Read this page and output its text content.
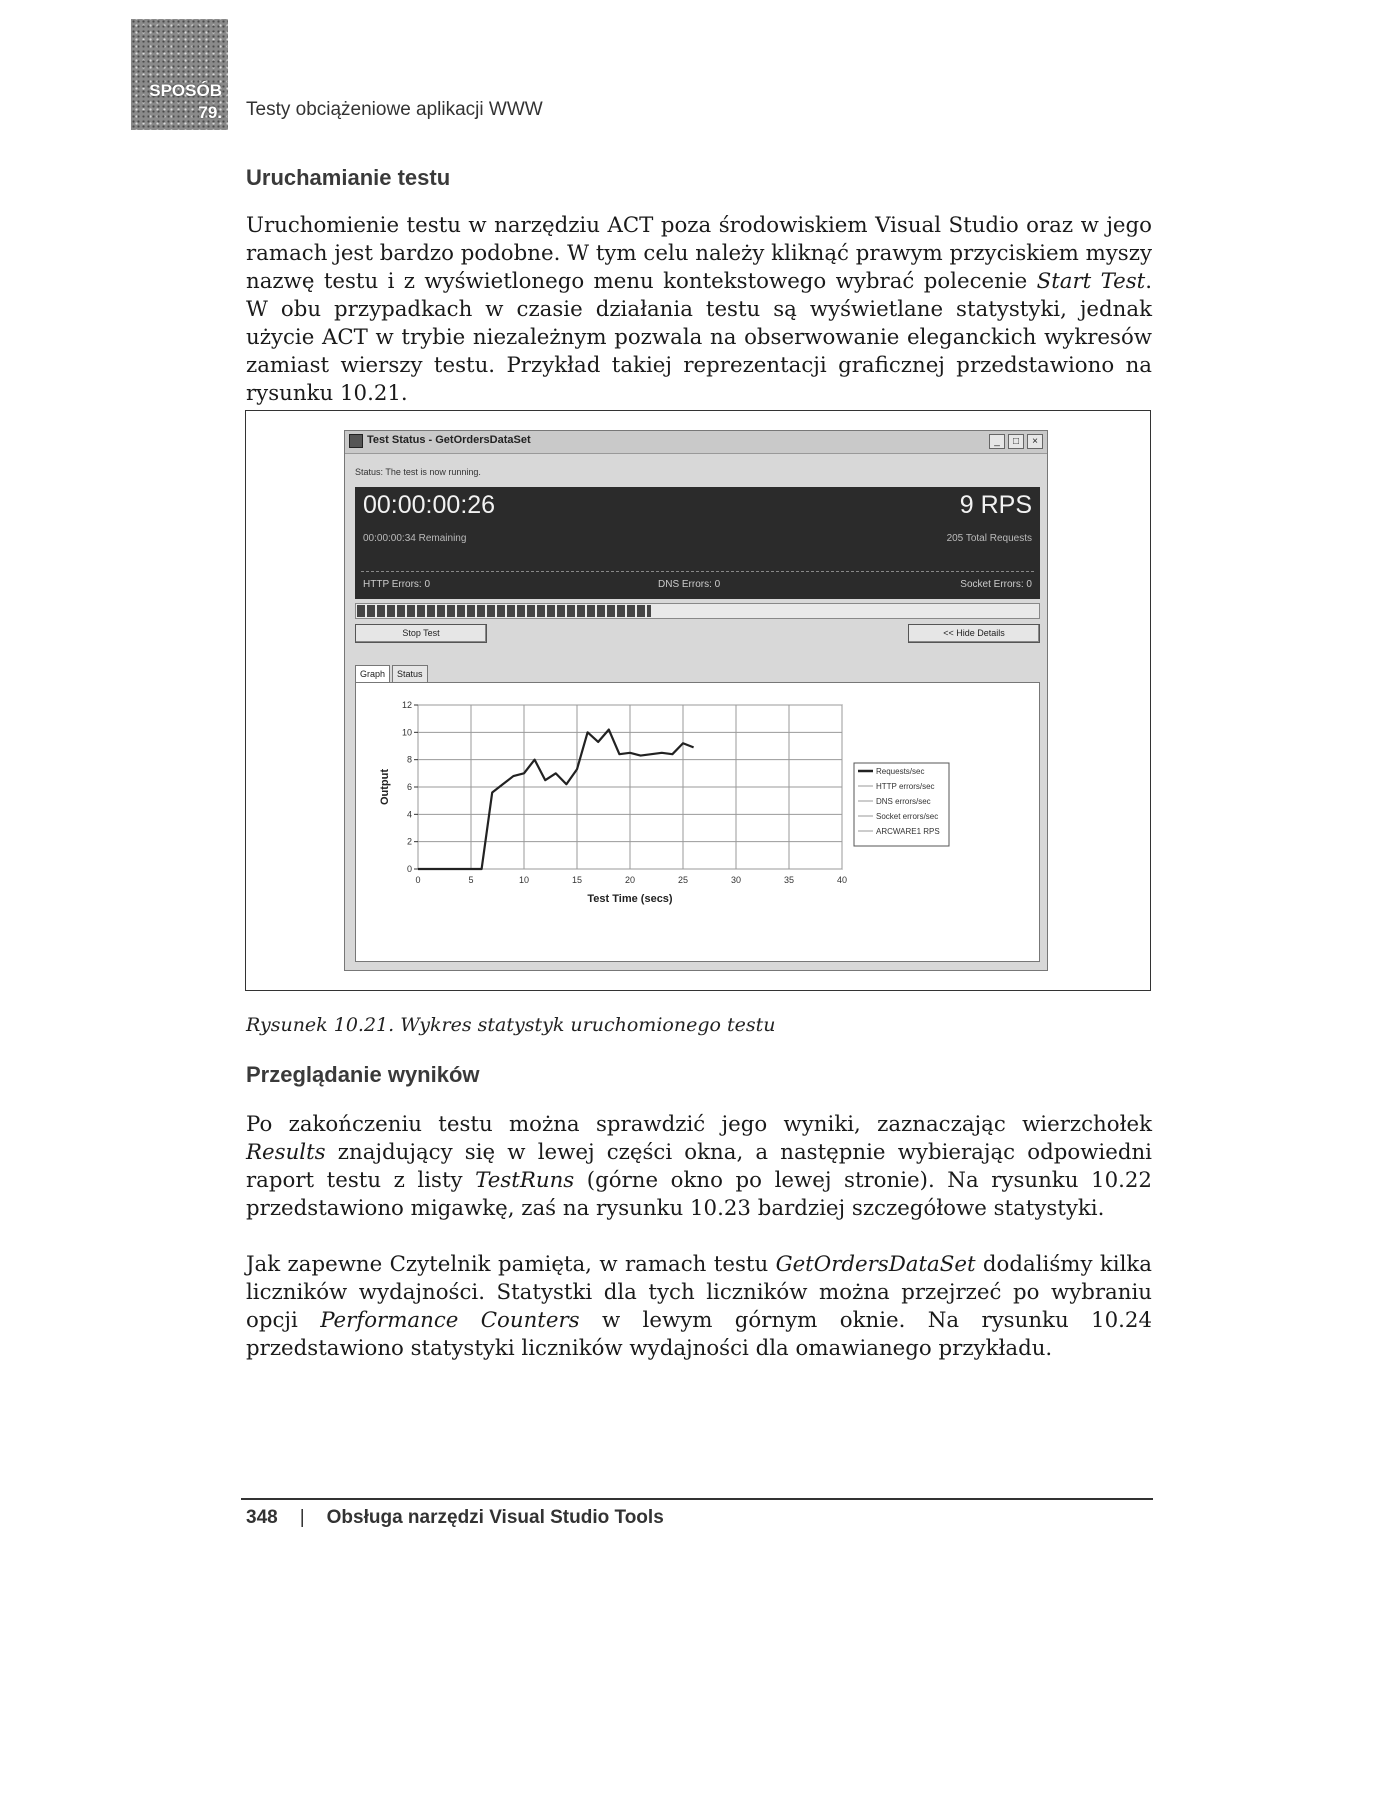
SPOSÓB
79. Testy obciążeniowe aplikacji WWW
Uruchamianie testu

Uruchomienie testu w narzędziu ACT poza środowiskiem Visual Studio oraz w jego ramach jest bardzo podobne. W tym celu należy kliknąć prawym przyciskiem myszy nazwę testu i z wyświetlonego menu kontekstowego wybrać polecenie Start Test. W obu przypadkach w czasie działania testu są wyświetlane statystyki, jednak użycie ACT w trybie niezależnym pozwala na obserwowanie eleganckich wykresów zamiast wierszy testu. Przykład takiej reprezentacji graficznej przedstawiono na rysunku 10.21.

Test Status - GetOrdersDataSet	_	□	×
Status: The test is now running.
00:00:00:26	9 RPS
00:00:00:34 Remaining	205 Total Requests
HTTP Errors: 0	DNS Errors: 0	Socket Errors: 0
Stop Test	<< Hide Details
Graph	Status
0	5	10	15	20	25	30	35	40
0
2
4
6
8
10
12
Test Time (secs)
Output	Requests/sec
HTTP errors/sec
DNS errors/sec
Socket errors/sec
ARCWARE1 RPS
Rysunek 10.21. Wykres statystyk uruchomionego testu
Przeglądanie wyników

Po zakończeniu testu można sprawdzić jego wyniki, zaznaczając wierzchołek Results znajdujący się w lewej części okna, a następnie wybierając odpowiedni raport testu z listy TestRuns (górne okno po lewej stronie). Na rysunku 10.22 przedstawiono migawkę, zaś na rysunku 10.23 bardziej szczegółowe statystyki.

Jak zapewne Czytelnik pamięta, w ramach testu GetOrdersDataSet dodaliśmy kilka liczników wydajności. Statystki dla tych liczników można przejrzeć po wybraniu opcji Performance Counters w lewym górnym oknie. Na rysunku 10.24 przedstawiono statystyki liczników wydajności dla omawianego przykładu.

348 | Obsługa narzędzi Visual Studio Tools
